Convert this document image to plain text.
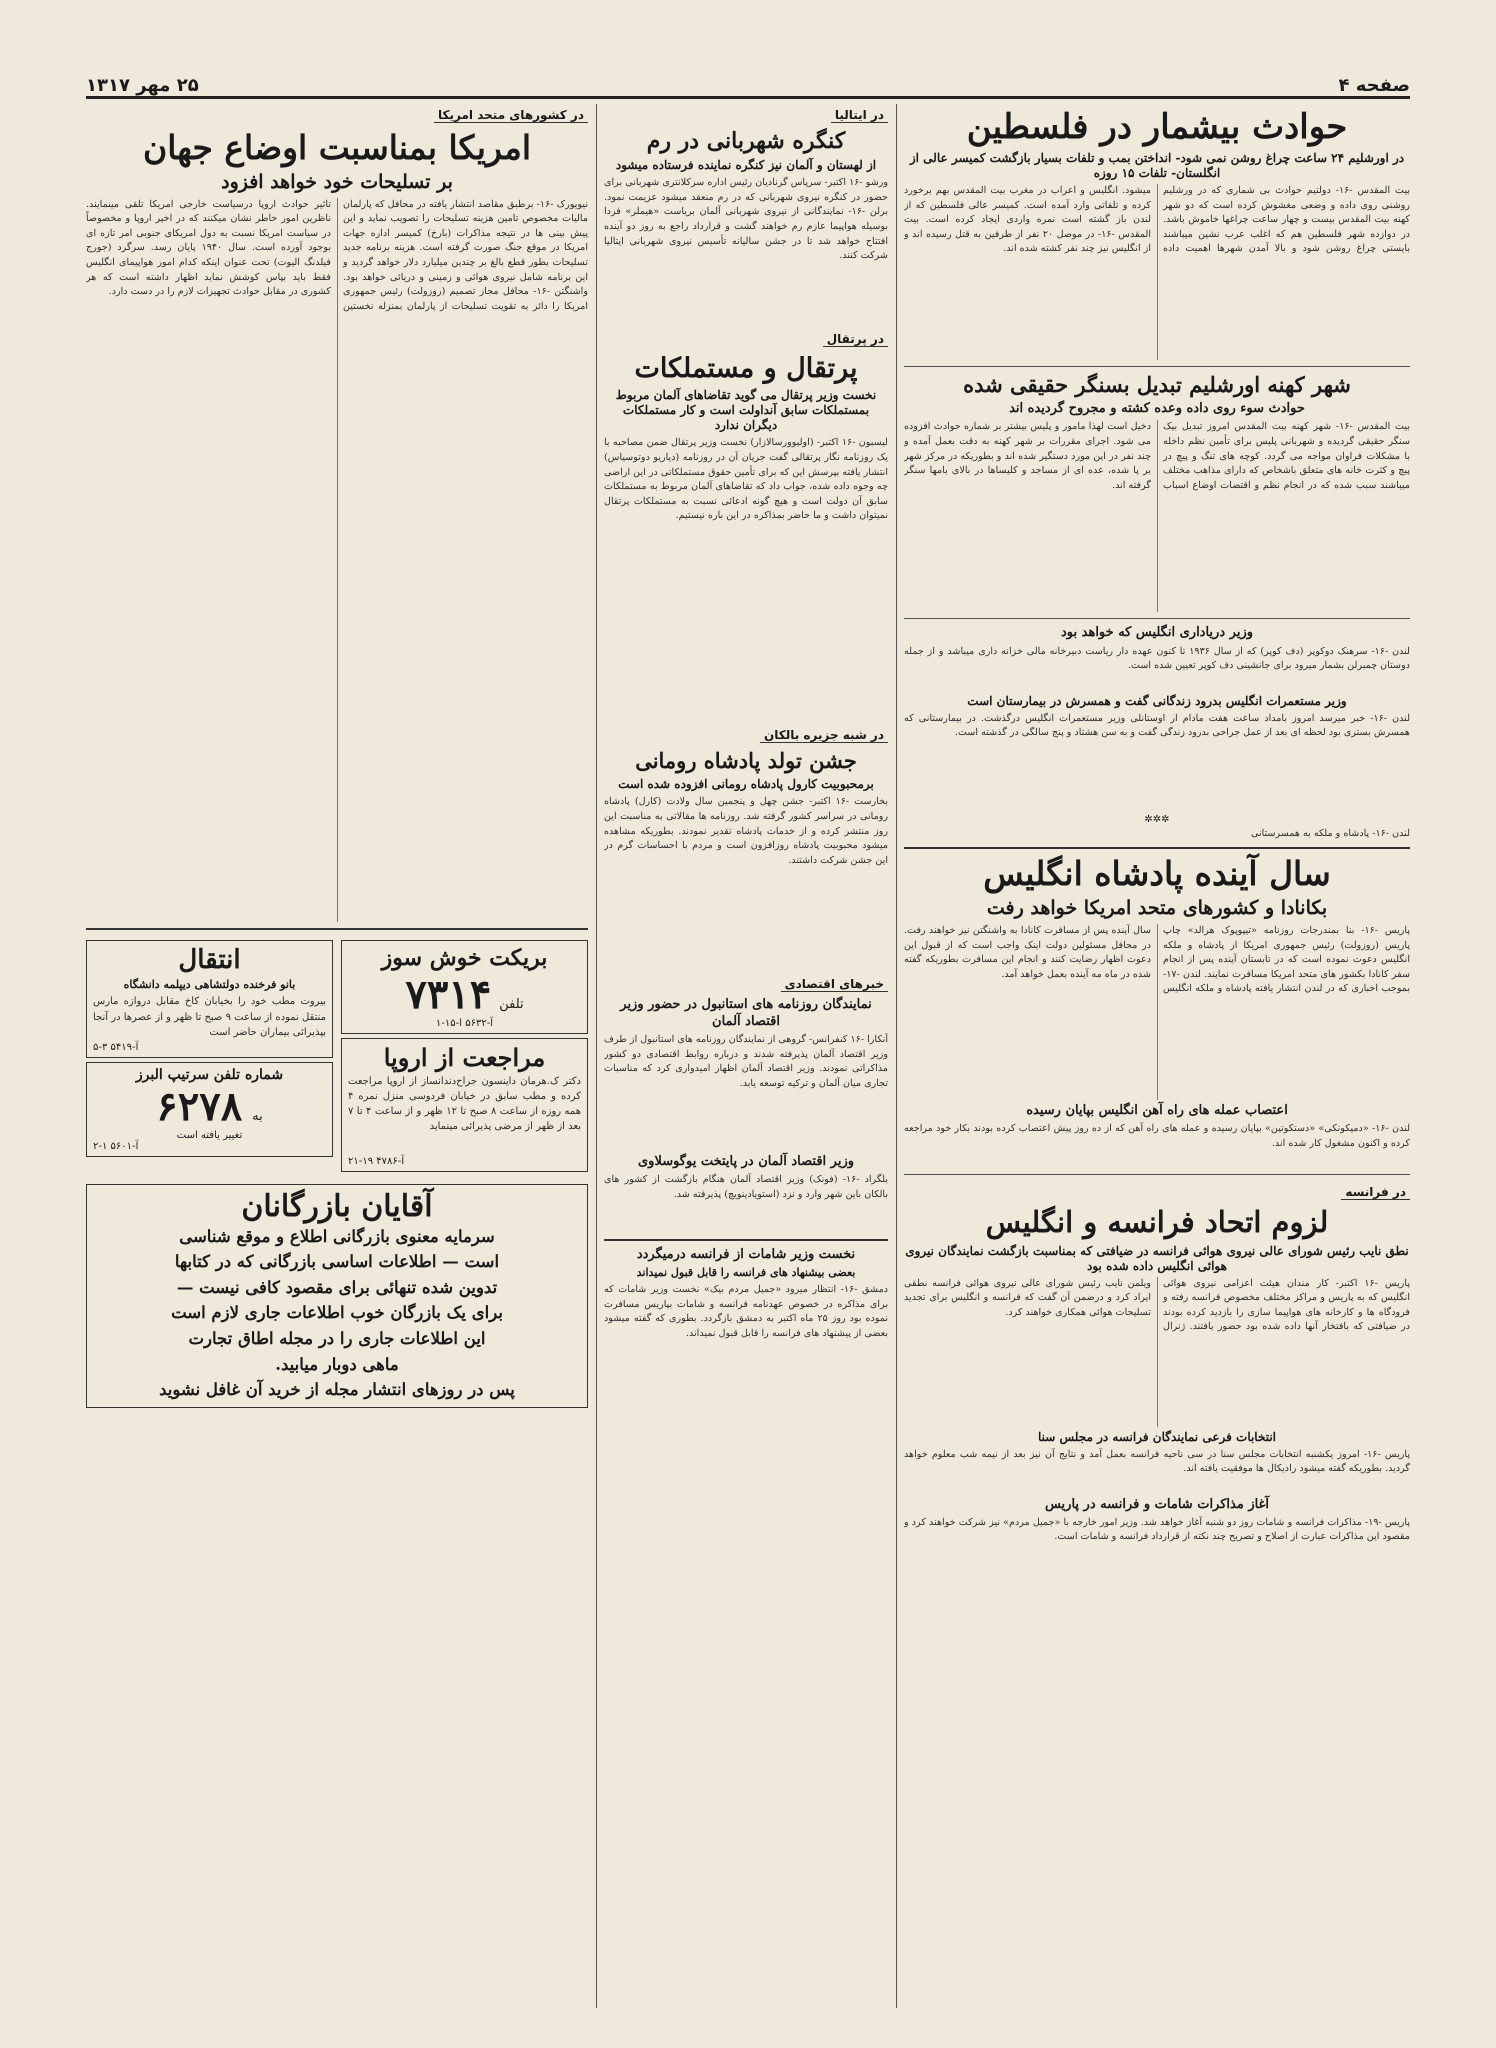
صفحه ۴
۲۵ مهر ۱۳۱۷
حوادث بیشمار در فلسطین
در اورشلیم ۲۴ ساعت چراغ روشن نمی شود- انداختن بمب و تلفات بسیار بازگشت کمیسر عالی از انگلستان- تلفات ۱۵ روزه
بیت المقدس -۱۶- دولتیم حوادث بی شماری که در ورشلیم روشنی روی داده و وضعی مغشوش کرده است که دو شهر کهنه بیت المقدس بیست و چهار ساعت چراغها خاموش باشد. در دوازده شهر فلسطین هم که اغلب عرب نشین میباشند بایستی چراغ روشن شود و بالا آمدن شهرها اهمیت داده میشود. انگلیس و اعراب در مغرب بیت المقدس بهم برخورد کرده و تلفاتی وارد آمده است. کمیسر عالی فلسطین که از لندن باز گشته است نمره واردی ایجاد کرده است. بیت المقدس -۱۶- در موصل ۲۰ نفر از طرفین به قتل رسیده اند و از انگلیس نیز چند نفر کشته شده اند.
شهر کهنه اورشلیم تبدیل بسنگر حقیقی شده
حوادث سوء روی داده وعده کشته و مجروح گردیده اند
بیت المقدس -۱۶- شهر کهنه بیت المقدس امروز تبدیل بیک سنگر حقیقی گردیده و شهربانی پلیس برای تأمین نظم داخله با مشکلات فراوان مواجه می گردد. کوچه های تنگ و پیچ در پیچ و کثرت خانه های متعلق باشخاص که دارای مذاهب مختلف میباشند سبب شده که در انجام نظم و اقتضات اوضاع اسباب دخیل است لهذا مامور و پلیس بیشتر بر شماره حوادث افزوده می شود. اجرای مقررات بر شهر کهنه به دقت بعمل آمده و چند نفر در این مورد دستگیر شده اند و بطوریکه در مرکز شهر بر پا شده، عده ای از مساجد و کلیساها در بالای بامها سنگر گرفته اند.
وزیر دریاداری انگلیس که خواهد بود
لندن -۱۶- سرهنک دوکوپر (دف کوپر) که از سال ۱۹۳۶ تا کنون عهده دار ریاست دبیرخانه مالی خزانه داری میباشد و از جمله دوستان چمبرلن بشمار میرود برای جانشینی دف کوپر تعیین شده است.
وزیر مستعمرات انگلیس بدرود زندگانی گفت و همسرش در بیمارستان است
لندن -۱۶- خبر میرسد امروز بامداد ساعت هفت مادام ار اوستانلی وزیر مستعمرات انگلیس درگذشت. در بیمارستانی که همسرش بستری بود لحظه ای بعد از عمل جراحی بدرود زندگی گفت و به سن هشتاد و پنج سالگی در گذشته است.
✲✲✲
لندن -۱۶- پادشاه و ملکه به همسرستانی
سال آینده پادشاه انگلیس
بکانادا و کشورهای متحد امریکا خواهد رفت
پاریس -۱۶- بنا بمندرجات روزنامه «تیپوپوک هرالد» چاپ پاریس (روزولت) رئیس جمهوری امریکا از پادشاه و ملکه انگلیس دعوت نموده است که در تابستان آینده پس از انجام سفر کانادا بکشور های متحد امریکا مسافرت نمایند. لندن -۱۷- بموجب اخباری که در لندن انتشار یافته پادشاه و ملکه انگلیس سال آینده پس از مسافرت کانادا به واشنگتن نیز خواهند رفت. در محافل مسئولین دولت اینک واجب است که از قبول این دعوت اظهار رضایت کنند و انجام این مسافرت بطوریکه گفته شده در ماه مه آینده بعمل خواهد آمد.
اعتصاب عمله های راه آهن انگلیس بپایان رسیده
لندن -۱۶- «دمیکونکی» «دستکوتین» بپایان رسیده و عمله های راه آهن که از ده روز پیش اعتصاب کرده بودند بکار خود مراجعه کرده و اکنون مشغول کار شده اند.
در فرانسه
لزوم اتحاد فرانسه و انگلیس
نطق نایب رئیس شورای عالی نیروی هوائی فرانسه در ضیافتی که بمناسبت بازگشت نمایندگان نیروی هوائی انگلیس داده شده بود
پاریس -۱۶ اکتبر- کار مندان هیئت اعزامی نیروی هوائی انگلیس که به پاریس و مراکز مختلف مخصوص فرانسه رفته و فرودگاه ها و کارخانه های هواپیما سازی را بازدید کرده بودند در ضیافتی که بافتخار آنها داده شده بود حضور یافتند. ژنرال ویلمن نایب رئیس شورای عالی نیروی هوائی فرانسه نطقی ایراد کرد و درضمن آن گفت که فرانسه و انگلیس برای تجدید تسلیحات هوائی همکاری خواهند کرد.
انتخابات فرعی نمایندگان فرانسه در مجلس سنا
پاریس -۱۶- امروز یکشنبه انتخابات مجلس سنا در سی ناحیه فرانسه بعمل آمد و نتایج آن نیز بعد از نیمه شب معلوم خواهد گردید. بطوریکه گفته میشود رادیکال ها موفقیت یافته اند.
آغاز مذاکرات شامات و فرانسه در پاریس
پاریس -۱۹- مذاکرات فرانسه و شامات روز دو شنبه آغاز خواهد شد. وزیر امور خارجه با «جمیل مردم» نیز شرکت خواهند کرد و مقصود این مذاکرات عبارت از اصلاح و تصریح چند نکته از قرارداد فرانسه و شامات است.
در ایتالیا
کنگره شهربانی در رم
از لهستان و آلمان نیز کنگره نماینده فرستاده میشود
ورشو -۱۶ اکتبر- سرپاس گرنادیان رئیس اداره سرکلانتری شهربانی برای حضور در کنگره نیروی شهربانی که در رم منعقد میشود عزیمت نمود. برلن -۱۶- نمایندگانی از نیروی شهربانی آلمان بریاست «هیملر» فردا بوسیله هواپیما عازم رم خواهند گشت و قرارداد راجع به روز دو آینده افتتاح خواهد شد تا در جشن سالیانه تأسیس نیروی شهربانی ایتالیا شرکت کنند.
در پرتقال
پرتقال و مستملکات
نخست وزیر پرتقال می گوید تقاضاهای آلمان مربوط بمستملکات سابق آنداولت است و کار مستملکات دیگران ندارد
لیسبون -۱۶ اکتبر- (اولیوورسالازار) نخست وزیر پرتقال ضمن مصاحبه با یک روزنامه نگار پرتقالی گفت جریان آن در روزنامه (دیاریو دوتوسیاس) انتشار یافته بپرسش این که برای تأمین حقوق مستملکاتی در این اراضی چه وجوه داده شده، جواب داد که تقاضاهای آلمان مربوط به مستملکات سابق آن دولت است و هیچ گونه ادعائی نسبت به مستملکات پرتقال نمیتوان داشت و ما حاضر بمذاکره در این باره نیستیم.
در شبه جزیره بالکان
جشن تولد پادشاه رومانی
برمحبوبیت کارول پادشاه رومانی افزوده شده است
بخارست -۱۶ اکتبر- جشن چهل و پنجمین سال ولادت (کارل) پادشاه رومانی در سراسر کشور گرفته شد. روزنامه ها مقالاتی به مناسبت این روز منتشر کرده و از خدمات پادشاه تقدیر نمودند. بطوریکه مشاهده میشود محبوبیت پادشاه روزافزون است و مردم با احساسات گرم در این جشن شرکت داشتند.
خبرهای اقتصادی
نمایندگان روزنامه های استانبول در حضور وزیر اقتصاد آلمان
آنکارا -۱۶ کنفرانس- گروهی از نمایندگان روزنامه های استانبول از طرف وزیر اقتصاد آلمان پذیرفته شدند و درباره روابط اقتصادی دو کشور مذاکراتی نمودند. وزیر اقتصاد آلمان اظهار امیدواری کرد که مناسبات تجاری میان آلمان و ترکیه توسعه یابد.
وزیر اقتصاد آلمان در پایتخت یوگوسلاوی
بلگراد -۱۶- (فونک) وزیر اقتصاد آلمان هنگام بازگشت از کشور های بالکان باین شهر وارد و نزد (استویادینویچ) پذیرفته شد.
نخست وزیر شامات از فرانسه درمیگردد
بعضی بیشنهاد های فرانسه را قابل قبول نمیداند
دمشق -۱۶- انتظار میرود «جمیل مردم بیک» نخست وزیر شامات که برای مذاکره در خصوص عهدنامه فرانسه و شامات بپاریس مسافرت نموده بود روز ۲۵ ماه اکتبر به دمشق بازگردد. بطوری که گفته میشود بعضی از پیشنهاد های فرانسه را قابل قبول نمیداند.
در کشورهای متحد امریکا
امریکا بمناسبت اوضاع جهان
بر تسلیحات خود خواهد افزود
نیویورک -۱۶- برطبق مقاصد انتشار یافته در محافل که پارلمان مالیات مخصوص تامین هزینه تسلیحات را تصویب نماید و این پیش بینی ها در نتیجه مذاکرات (بارخ) کمیسر اداره جهات امریکا در موقع جنگ صورت گرفته است. هزینه برنامه جدید تسلیحات بطور قطع بالغ بر چندین میلیارد دلار خواهد گردید و این برنامه شامل نیروی هوائی و زمینی و دریائی خواهد بود. واشنگتن -۱۶- محافل مجاز تصمیم (روزولت) رئیس جمهوری امریکا را دائر به تقویت تسلیحات از پارلمان بمنزله نخستین تاثیر حوادث اروپا درسیاست خارجی امریکا تلقی مینمایند. ناظرین امور خاطر نشان میکنند که در اخیر اروپا و مخصوصاً در سیاست امریکا نسبت به دول امریکای جنوبی امر تازه ای بوجود آورده است. سال ۱۹۴۰ پایان رسد. سرگرد (جورج فیلدنگ الیوت) تحت عنوان اینکه کدام امور هواپیمای انگلیس فقط باید بپاس کوشش نماید اظهار داشته است که هر کشوری در مقابل حوادث تجهیزات لازم را در دست دارد.
بریکت خوش سوز
تلفن
۷۳۱۴
آ-۵۶۳۲ ا-۱۵-۱
مراجعت از اروپا
دکتر ک.هرمان داینسون جراح‌دندانساز از اروپا مراجعت کرده و مطب سابق در خیابان فردوسی منزل نمره ۴ همه روزه از ساعت ۸ صبح تا ۱۲ ظهر و از ساعت ۴ تا ۷ بعد از ظهر از مرضی پذیرائی مینماید
آ-۴۷۸۶ ۱۹-۲۱
انتقال
بانو فرخنده دولتشاهی دیپلمه دانشگاه
بیروت مطب خود را بخیابان کاخ مقابل دروازه مارس منتقل نموده از ساعت ۹ صبح تا ظهر و از عصرها در آنجا بپذیرائی بیماران حاضر است
آ-۵۴۱۹ ۳-۵
شماره تلفن سرتیپ البرز
به
۶۲۷۸
تغییر یافته است
آ-۵۶۰۱ ۱-۲
آقایان بازرگانان
سرمایه معنوی بازرگانی اطلاع و موقع شناسی
است — اطلاعات اساسی بازرگانی که در کتابها
تدوین شده تنهائی برای مقصود کافی نیست —
برای یک بازرگان خوب اطلاعات جاری لازم است
این اطلاعات جاری را در مجله اطاق تجارت
ماهی دوبار میابید.
پس در روزهای انتشار مجله از خرید آن غافل نشوید
